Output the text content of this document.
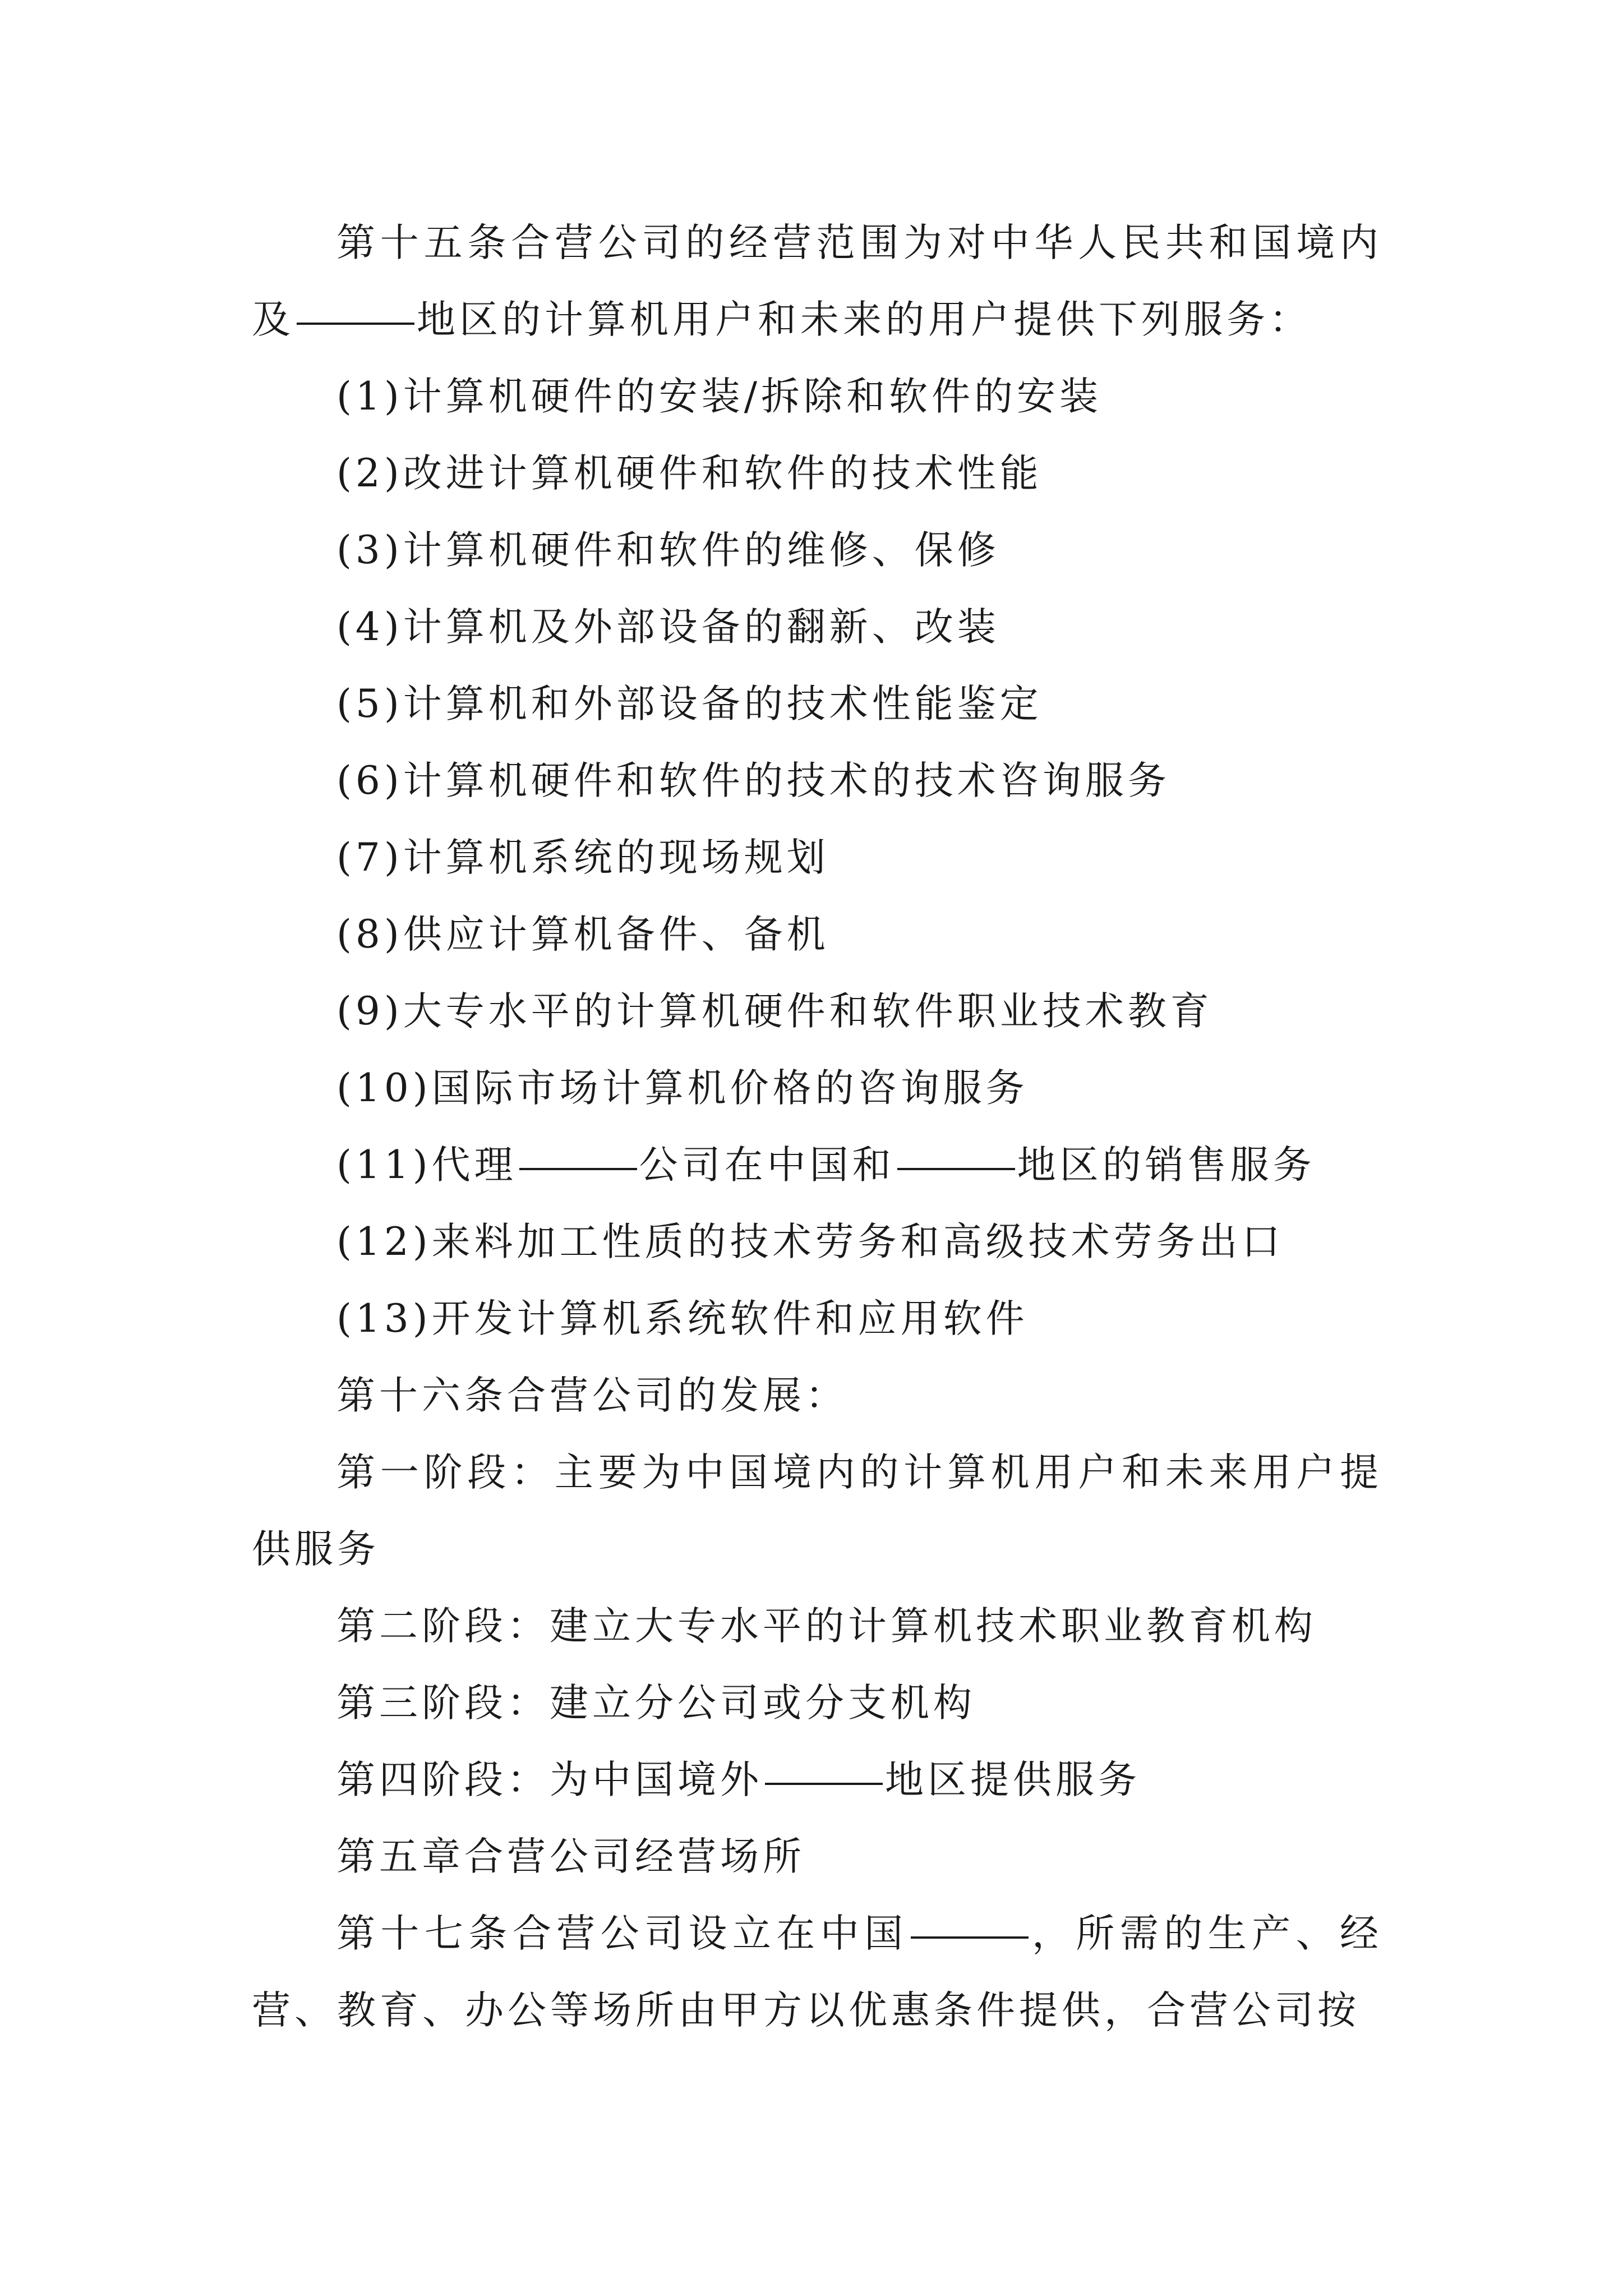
第十五条合营公司的经营范围为对中华人民共和国境内及	地区的计算机用户和未来的用户提供下列服务：

(1)计算机硬件的安装/拆除和软件的安装

(2)改进计算机硬件和软件的技术性能

(3)计算机硬件和软件的维修、保修

(4)计算机及外部设备的翻新、改装

(5)计算机和外部设备的技术性能鉴定

(6)计算机硬件和软件的技术的技术咨询服务

(7)计算机系统的现场规划

(8)供应计算机备件、备机

(9)大专水平的计算机硬件和软件职业技术教育

(10)国际市场计算机价格的咨询服务

(11)代理	公司在中国和	地区的销售服务

(12)来料加工性质的技术劳务和高级技术劳务出口

(13)开发计算机系统软件和应用软件

第十六条合营公司的发展：

第一阶段：主要为中国境内的计算机用户和未来用户提供服务

第二阶段：建立大专水平的计算机技术职业教育机构

第三阶段：建立分公司或分支机构

第四阶段：为中国境外	地区提供服务

第五章合营公司经营场所

第十七条合营公司设立在中国	，所需的生产、经营、教育、办公等场所由甲方以优惠条件提供，合营公司按
